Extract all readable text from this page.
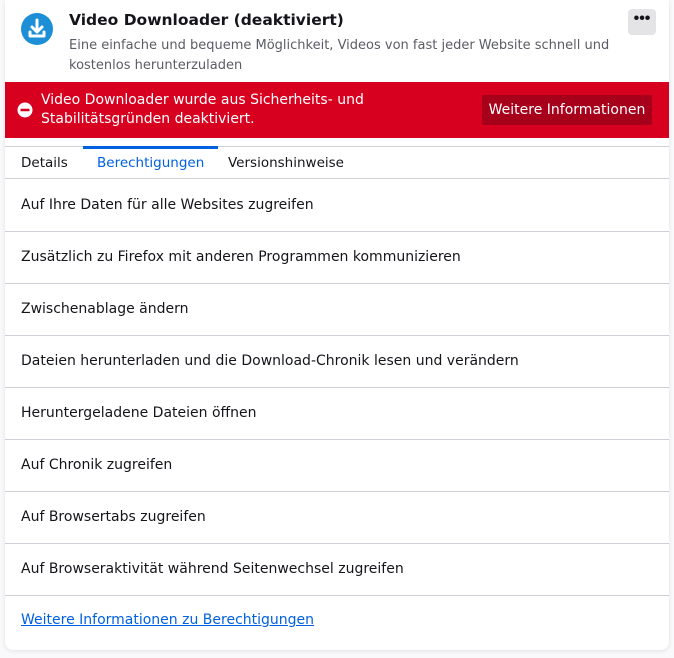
Video Downloader (deaktiviert)
Eine einfache und bequeme Möglichkeit, Videos von fast jeder Website schnell und kostenlos herunterzuladen
•••
Video Downloader wurde aus Sicherheits- und Stabilitätsgründen deaktiviert.
Weitere Informationen
Details	Berechtigungen	Versionshinweise
Auf Ihre Daten für alle Websites zugreifen
Zusätzlich zu Firefox mit anderen Programmen kommunizieren
Zwischenablage ändern
Dateien herunterladen und die Download-Chronik lesen und verändern
Heruntergeladene Dateien öffnen
Auf Chronik zugreifen
Auf Browsertabs zugreifen
Auf Browseraktivität während Seitenwechsel zugreifen
Weitere Informationen zu Berechtigungen
